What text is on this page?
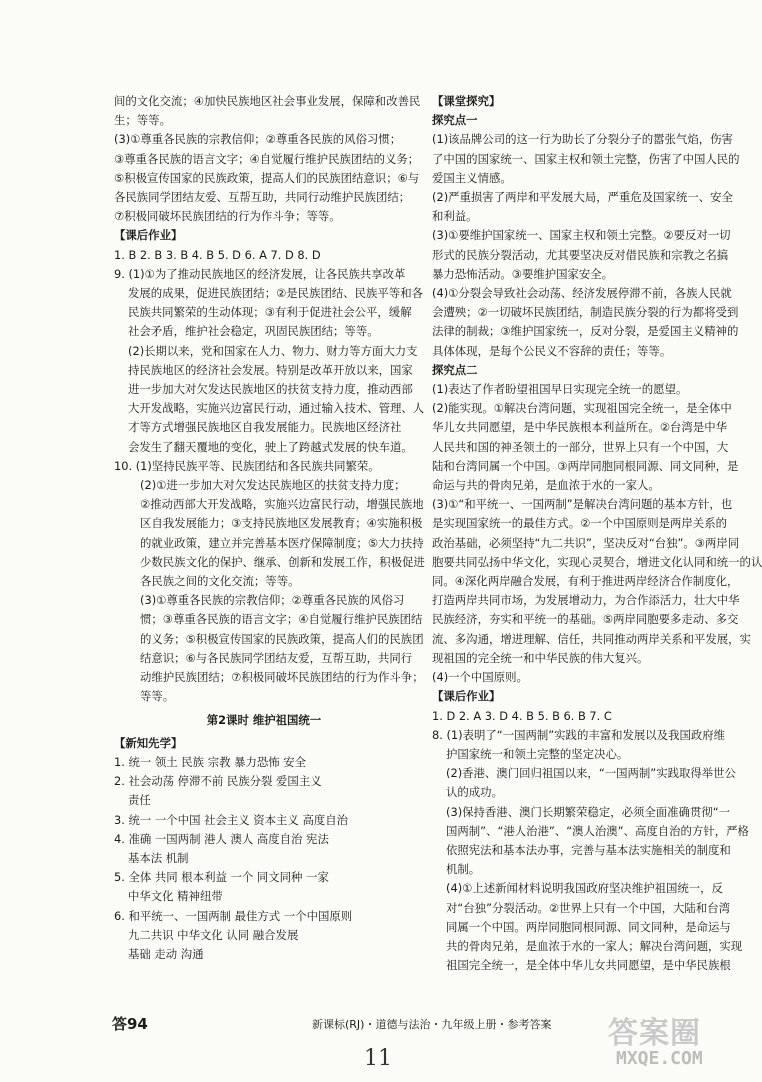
间的文化交流；④加快民族地区社会事业发展，保障和改善民
生；等等。
(3)①尊重各民族的宗教信仰；②尊重各民族的风俗习惯；
③尊重各民族的语言文字；④自觉履行维护民族团结的义务；
⑤积极宣传国家的民族政策，提高人们的民族团结意识；⑥与
各民族同学团结友爱、互帮互助，共同行动维护民族团结；
⑦积极同破坏民族团结的行为作斗争；等等。
【课后作业】
1. B 2. B 3. B 4. B 5. D 6. A 7. D 8. D
9. (1)①为了推动民族地区的经济发展，让各民族共享改革
发展的成果，促进民族团结；②是民族团结、民族平等和各
民族共同繁荣的生动体现；③有利于促进社会公平，缓解
社会矛盾，维护社会稳定，巩固民族团结；等等。
(2)长期以来，党和国家在人力、物力、财力等方面大力支
持民族地区的经济社会发展。特别是改革开放以来，国家
进一步加大对欠发达民族地区的扶贫支持力度，推动西部
大开发战略，实施兴边富民行动，通过输入技术、管理、人
才等方式增强民族地区自我发展能力。民族地区经济社
会发生了翻天覆地的变化，驶上了跨越式发展的快车道。
10. (1)坚持民族平等、民族团结和各民族共同繁荣。
(2)①进一步加大对欠发达民族地区的扶贫支持力度；
②推动西部大开发战略，实施兴边富民行动，增强民族地
区自我发展能力；③支持民族地区发展教育；④实施积极
的就业政策，建立并完善基本医疗保障制度；⑤大力扶持
少数民族文化的保护、继承、创新和发展工作，积极促进
各民族之间的文化交流；等等。
(3)①尊重各民族的宗教信仰；②尊重各民族的风俗习
惯；③尊重各民族的语言文字；④自觉履行维护民族团结
的义务；⑤积极宣传国家的民族政策，提高人们的民族团
结意识；⑥与各民族同学团结友爱，互帮互助，共同行
动维护民族团结；⑦积极同破坏民族团结的行为作斗争；
等等。
第2课时 维护祖国统一
【新知先学】
1. 统一 领土 民族 宗教 暴力恐怖 安全
2. 社会动荡 停滞不前 民族分裂 爱国主义
责任
3. 统一 一个中国 社会主义 资本主义 高度自治
4. 准确 一国两制 港人 澳人 高度自治 宪法
基本法 机制
5. 全体 共同 根本利益 一个 同文同种 一家
中华文化 精神纽带
6. 和平统一、一国两制 最佳方式 一个中国原则
九二共识 中华文化 认同 融合发展
基础 走动 沟通
【课堂探究】
探究点一
(1)该品牌公司的这一行为助长了分裂分子的嚣张气焰，伤害
了中国的国家统一、国家主权和领土完整，伤害了中国人民的
爱国主义情感。
(2)严重损害了两岸和平发展大局，严重危及国家统一、安全
和利益。
(3)①要维护国家统一、国家主权和领土完整。②要反对一切
形式的民族分裂活动，尤其要坚决反对借民族和宗教之名搞
暴力恐怖活动。③要维护国家安全。
(4)①分裂会导致社会动荡、经济发展停滞不前，各族人民就
会遭殃；②一切破坏民族团结，制造民族分裂的行为都将受到
法律的制裁；③维护国家统一，反对分裂，是爱国主义精神的
具体体现，是每个公民义不容辞的责任；等等。
探究点二
(1)表达了作者盼望祖国早日实现完全统一的愿望。
(2)能实现。①解决台湾问题，实现祖国完全统一，是全体中
华儿女共同愿望，是中华民族根本利益所在。②台湾是中华
人民共和国的神圣领土的一部分，世界上只有一个中国，大
陆和台湾同属一个中国。③两岸同胞同根同源、同文同种，是
命运与共的骨肉兄弟，是血浓于水的一家人。
(3)①“和平统一、一国两制”是解决台湾问题的基本方针，也
是实现国家统一的最佳方式。②一个中国原则是两岸关系的
政治基础，必须坚持“九二共识”，坚决反对“台独”。③两岸同
胞要共同弘扬中华文化，实现心灵契合，增进文化认同和统一的认
同。④深化两岸融合发展，有利于推进两岸经济合作制度化，
打造两岸共同市场，为发展增动力，为合作添活力，壮大中华
民族经济，夯实和平统一的基础。⑤两岸同胞要多走动、多交
流、多沟通，增进理解、信任，共同推动两岸关系和平发展，实
现祖国的完全统一和中华民族的伟大复兴。
(4)一个中国原则。
【课后作业】
1. D 2. A 3. D 4. B 5. B 6. B 7. C
8. (1)表明了“一国两制”实践的丰富和发展以及我国政府维
护国家统一和领土完整的坚定决心。
(2)香港、澳门回归祖国以来，“一国两制”实践取得举世公
认的成功。
(3)保持香港、澳门长期繁荣稳定，必须全面准确贯彻“一
国两制”、“港人治港”、“澳人治澳”、高度自治的方针，严格
依照宪法和基本法办事，完善与基本法实施相关的制度和
机制。
(4)①上述新闻材料说明我国政府坚决维护祖国统一，反
对“台独”分裂活动。②世界上只有一个中国，大陆和台湾
同属一个中国。两岸同胞同根同源、同文同种，是命运与
共的骨肉兄弟，是血浓于水的一家人；解决台湾问题，实现
祖国完全统一，是全体中华儿女共同愿望，是中华民族根
答94	新课标(RJ)・道德与法治・九年级上册・参考答案
11
答案圈
MXQE.COM
